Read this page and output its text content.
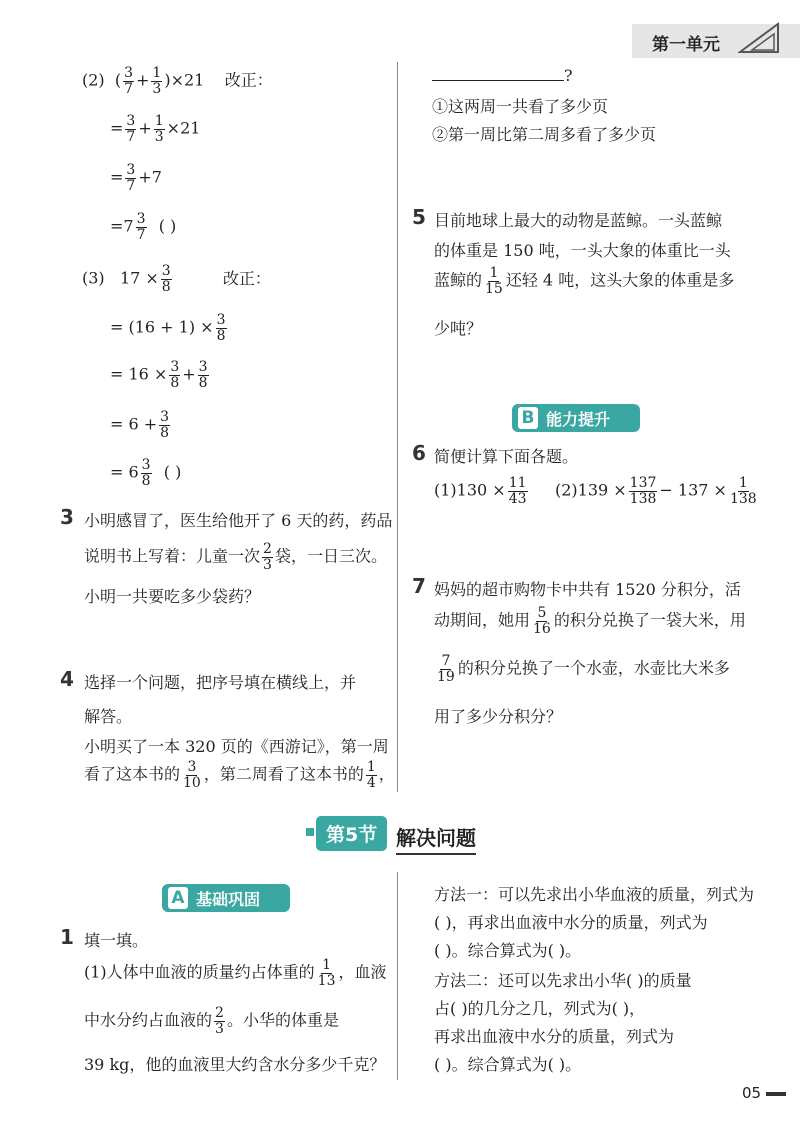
第一单元
(2)  ( $\frac{3}{7} + \frac{1}{3} )\times 21$ 改正：
= $\frac{3}{7} + \frac{1}{3} \times 21$
= $\frac{3}{7} +7$
$=7 \frac{3}{7}$ ( )
(3) $17 \times \frac{3}{8}$	改正：
= $(16 + 1) \times \frac{3}{8}$
= $16 \times \frac{3}{8} + \frac{3}{8}$
= $6 + \frac{3}{8}$
= $6 \frac{3}{8}$ ( )
3 小明感冒了，医生给他开了 6 天的药，药品
说明书上写着：儿童一次 $\frac{2}{3}$ 袋，一日三次。
小明一共要吃多少袋药？
4 选择一个问题，把序号填在横线上，并
解答。
小明买了一本 320 页的《西游记》，第一周
看了这本书的 $\frac{3}{10}$ ，第二周看了这本书的 $\frac{1}{4}$ ，
?
①这两周一共看了多少页
②第一周比第二周多看了多少页
5 目前地球上最大的动物是蓝鲸。一头蓝鲸
的体重是 150 吨，一头大象的体重比一头
蓝鲸的 $\frac{1}{15}$ 还轻 4 吨，这头大象的体重是多
少吨？
B 能力提升
6 简便计算下面各题。
$(1)130 \times \frac{11}{43} (2)139 \times \frac{137}{138} - 137 \times \frac{1}{138}$
7 妈妈的超市购物卡中共有 1520 分积分，活
动期间，她用 $\frac{5}{16}$ 的积分兑换了一袋大米，用
$\frac{7}{19}$ 的积分兑换了一个水壶，水壶比大米多
用了多少分积分？
第5节 解决问题
A 基础巩固
1 填一填。
(1)人体中血液的质量约占体重的 $\frac{1}{13}$ ，血液
中水分约占血液的 $\frac{2}{3}$ 。小华的体重是
39 kg，他的血液里大约含水分多少千克？
方法一：可以先求出小华血液的质量，列式为
( )，再求出血液中水分的质量，列式为
( )。综合算式为( )。
方法二：还可以先求出小华( )的质量
占( )的几分之几，列式为( )，
再求出血液中水分的质量，列式为
( )。综合算式为( )。
05
